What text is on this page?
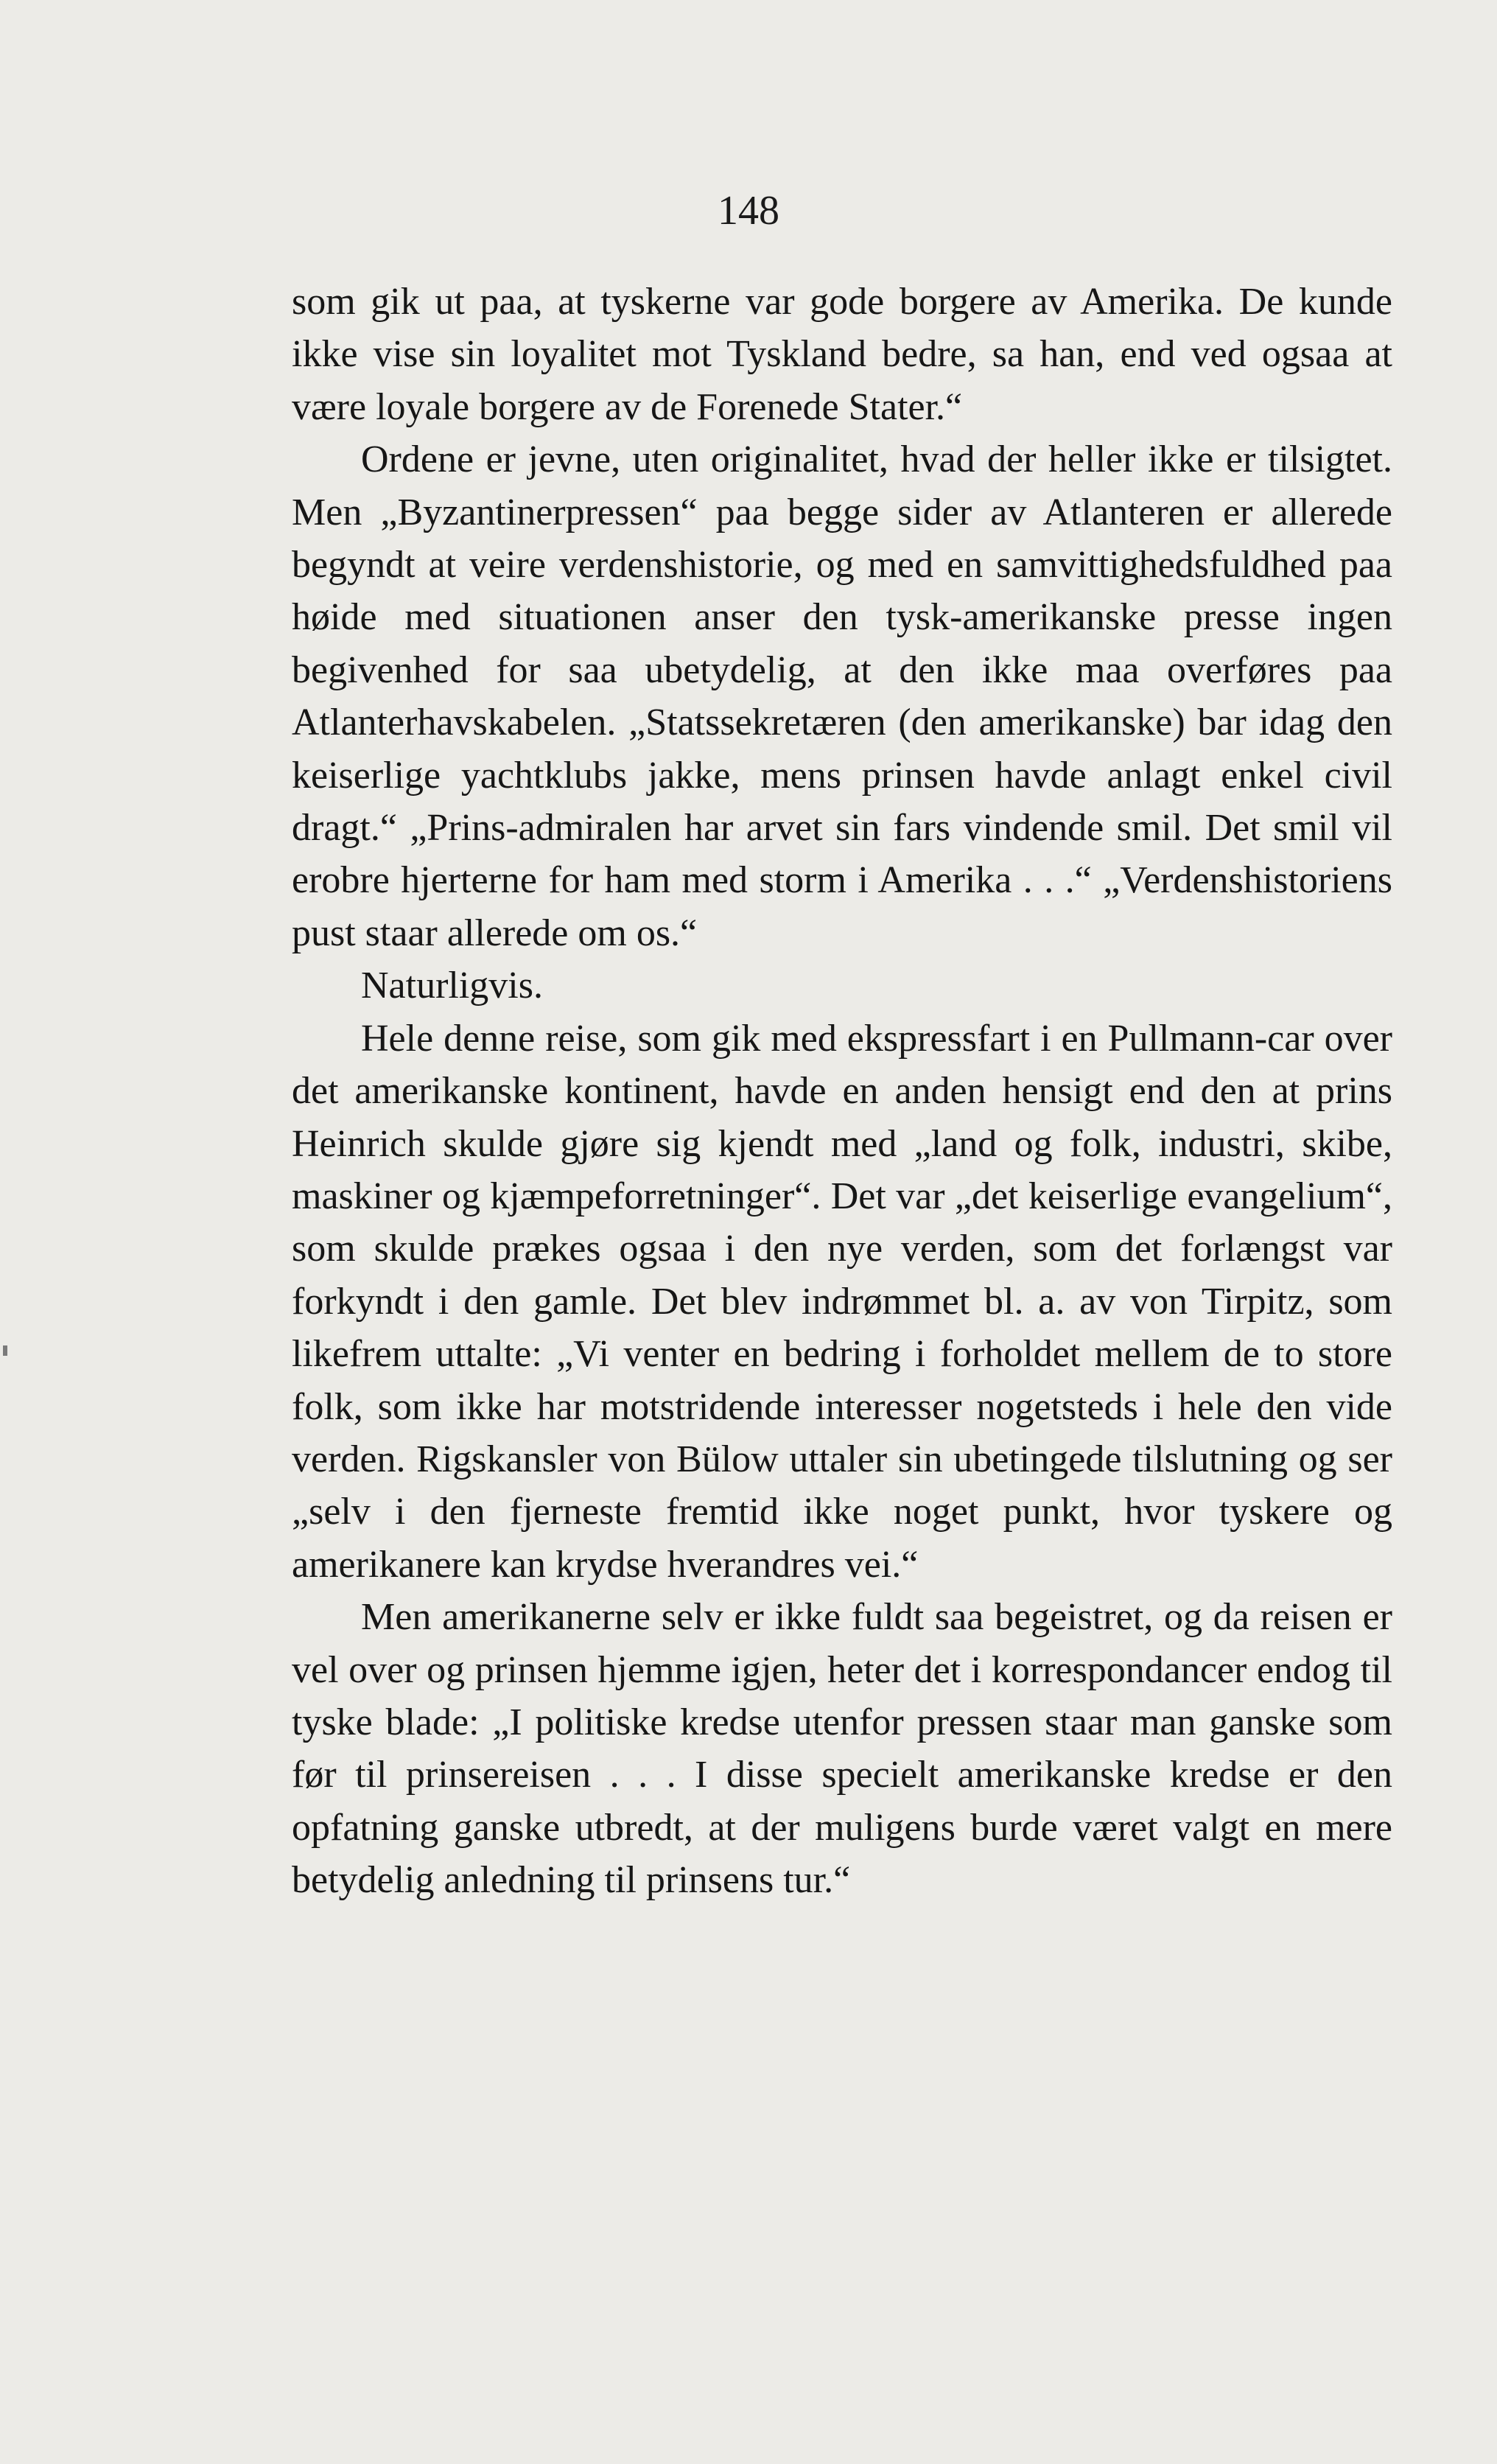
148

som gik ut paa, at tyskerne var gode borgere av Amerika. De kunde ikke vise sin loyalitet mot Tyskland bedre, sa han, end ved ogsaa at være loyale borgere av de Forenede Stater.“

Ordene er jevne, uten originalitet, hvad der heller ikke er tilsigtet. Men „Byzantinerpressen“ paa begge sider av Atlanteren er allerede begyndt at veire verdenshistorie, og med en samvittighedsfuldhed paa høide med situationen anser den tysk-amerikanske presse ingen begivenhed for saa ubetydelig, at den ikke maa overføres paa Atlanterhavskabelen. „Statssekretæren (den amerikanske) bar idag den keiserlige yachtklubs jakke, mens prinsen havde anlagt enkel civil dragt.“ „Prins-admiralen har arvet sin fars vindende smil. Det smil vil erobre hjerterne for ham med storm i Amerika . . .“ „Verdenshistoriens pust staar allerede om os.“

Naturligvis.

Hele denne reise, som gik med ekspressfart i en Pullmann-car over det amerikanske kontinent, havde en anden hensigt end den at prins Heinrich skulde gjøre sig kjendt med „land og folk, industri, skibe, maskiner og kjæmpeforretninger“. Det var „det keiserlige evangelium“, som skulde prækes ogsaa i den nye verden, som det forlængst var forkyndt i den gamle. Det blev indrømmet bl. a. av von Tirpitz, som likefrem uttalte: „Vi venter en bedring i forholdet mellem de to store folk, som ikke har motstridende interesser nogetsteds i hele den vide verden. Rigskansler von Bülow uttaler sin ubetingede tilslutning og ser „selv i den fjerneste fremtid ikke noget punkt, hvor tyskere og amerikanere kan krydse hverandres vei.“

Men amerikanerne selv er ikke fuldt saa begeistret, og da reisen er vel over og prinsen hjemme igjen, heter det i korrespondancer endog til tyske blade: „I politiske kredse utenfor pressen staar man ganske som før til prinsereisen . . . I disse specielt amerikanske kredse er den opfatning ganske utbredt, at der muligens burde været valgt en mere betydelig anledning til prinsens tur.“
